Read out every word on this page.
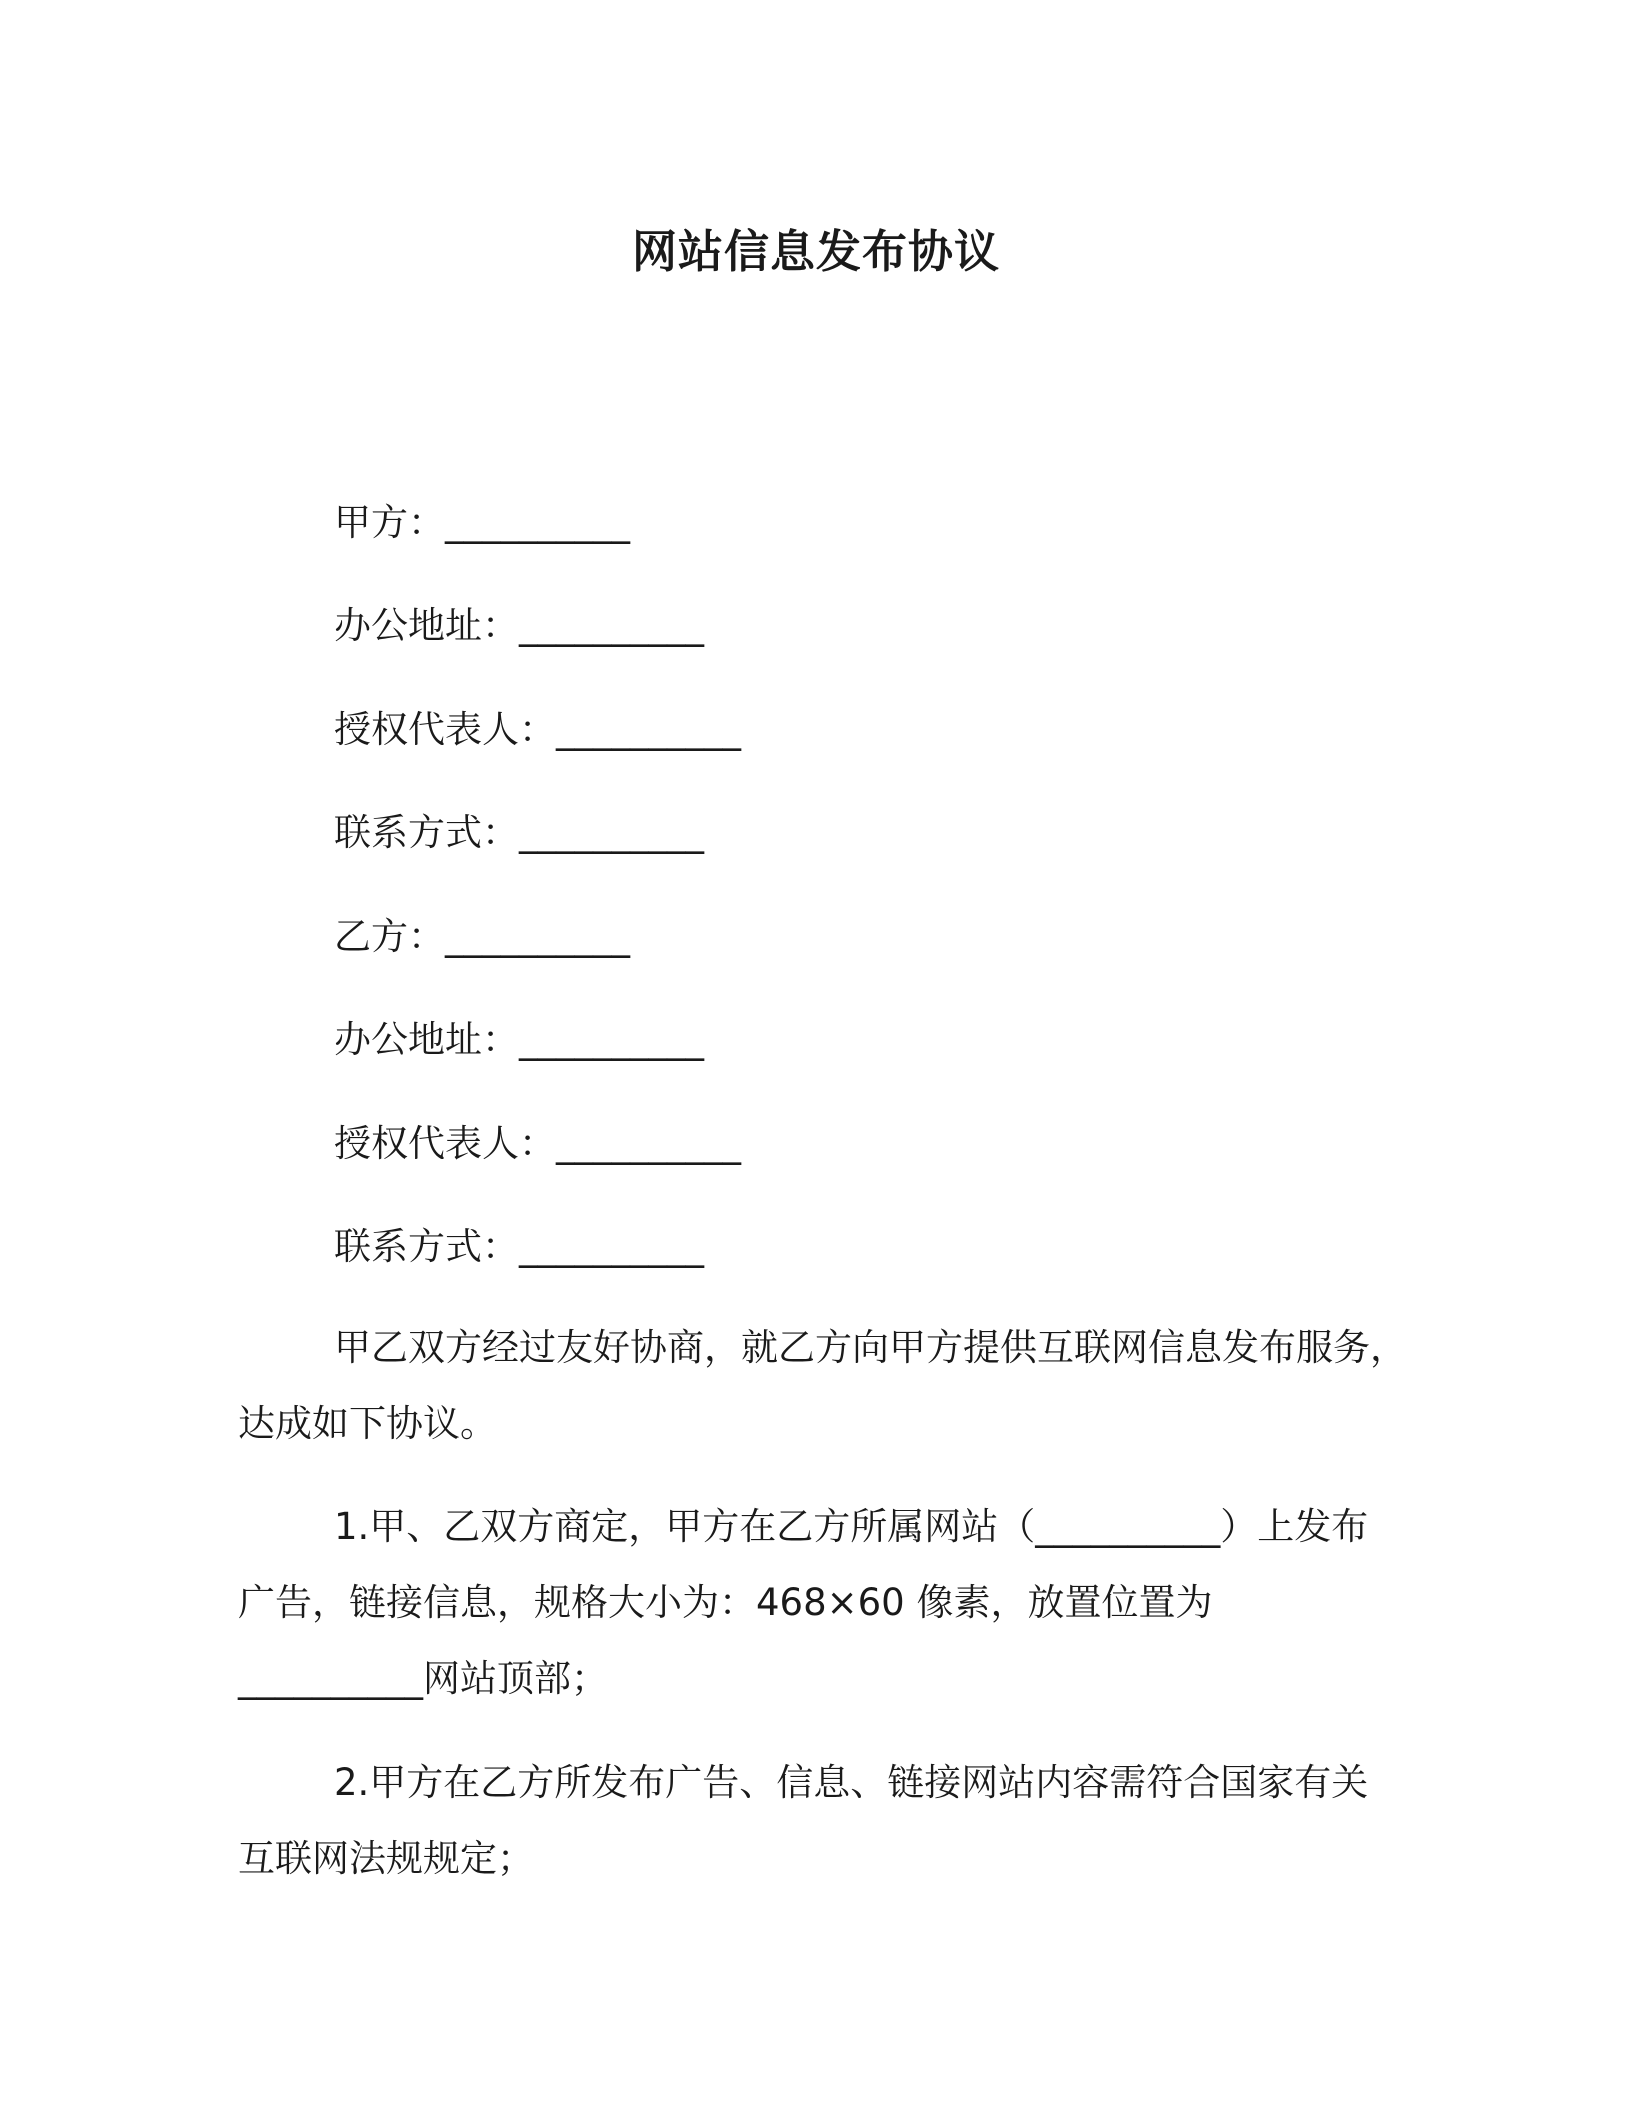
网站信息发布协议
甲方：__________
办公地址：__________
授权代表人：__________
联系方式：__________
乙方：__________
办公地址：__________
授权代表人：__________
联系方式：__________
甲乙双方经过友好协商，就乙方向甲方提供互联网信息发布服务，
达成如下协议。
1.甲、乙双方商定，甲方在乙方所属网站（__________）上发布
广告，链接信息，规格大小为：468×60 像素，放置位置为
__________网站顶部；
2.甲方在乙方所发布广告、信息、链接网站内容需符合国家有关
互联网法规规定；
